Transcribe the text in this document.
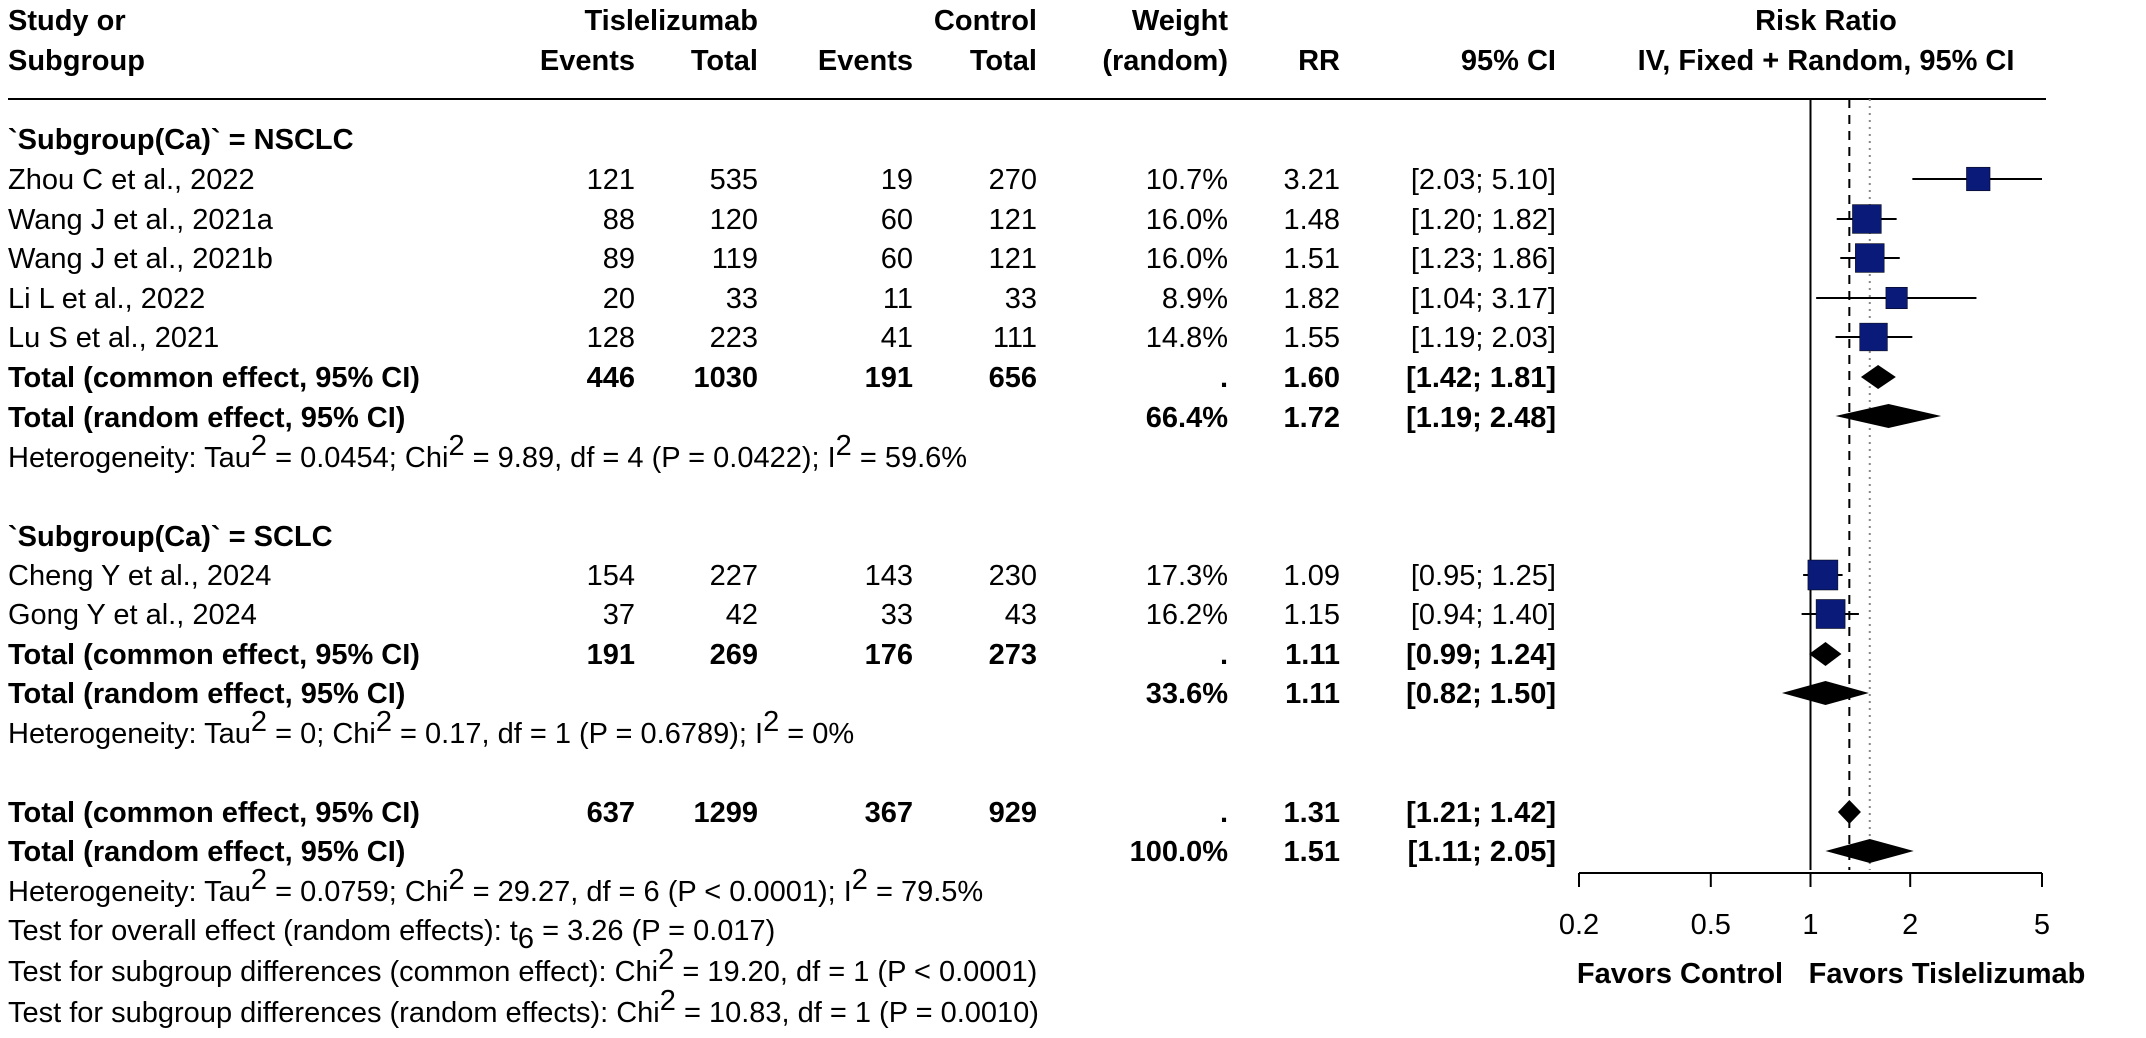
Study or
Subgroup
Tislelizumab
Events Total
Control
Events Total
Weight
(random) RR	95% CI
Risk Ratio
IV, Fixed + Random, 95% CI
`Subgroup(Ca)` = NSCLC
Zhou C et al., 2022	121	535	19	270	10.7% 3.21 [2.03; 5.10]
Wang J et al., 2021a	88	120	60	121	16.0% 1.48 [1.20; 1.82]
Wang J et al., 2021b	89	119	60	121	16.0% 1.51 [1.23; 1.86]
Li L et al., 2022	20	33	11	33	8.9% 1.82 [1.04; 3.17]
Lu S et al., 2021	128	223	41	111	14.8% 1.55 [1.19; 2.03]
Total (common effect, 95% CI)	446 1030	191	656	. 1.60 [1.42; 1.81]
Total (random effect, 95% CI)	66.4% 1.72 [1.19; 2.48]
Heterogeneity: Tau2 = 0.0454; Chi2 = 9.89, df = 4 (P = 0.0422); I2 = 59.6%
`Subgroup(Ca)` = SCLC
Cheng Y et al., 2024	154	227	143	230	17.3% 1.09 [0.95; 1.25]
Gong Y et al., 2024	37	42	33	43	16.2% 1.15 [0.94; 1.40]
Total (common effect, 95% CI)	191	269	176	273	. 1.11 [0.99; 1.24]
Total (random effect, 95% CI)	33.6% 1.11 [0.82; 1.50]
Heterogeneity: Tau2 = 0; Chi2 = 0.17, df = 1 (P = 0.6789); I2 = 0%
Total (common effect, 95% CI)	637 1299	367	929	. 1.31 [1.21; 1.42]
Total (random effect, 95% CI)	100.0% 1.51 [1.11; 2.05]
Heterogeneity: Tau2 = 0.0759; Chi2 = 29.27, df = 6 (P < 0.0001); I2 = 79.5%
Test for overall effect (random effects): t6 = 3.26 (P = 0.017)
Test for subgroup differences (common effect): Chi2 = 19.20, df = 1 (P < 0.0001)
Test for subgroup differences (random effects): Chi2 = 10.83, df = 1 (P = 0.0010)
0.2	0.5 1	2	5
Favors Control Favors Tislelizumab
